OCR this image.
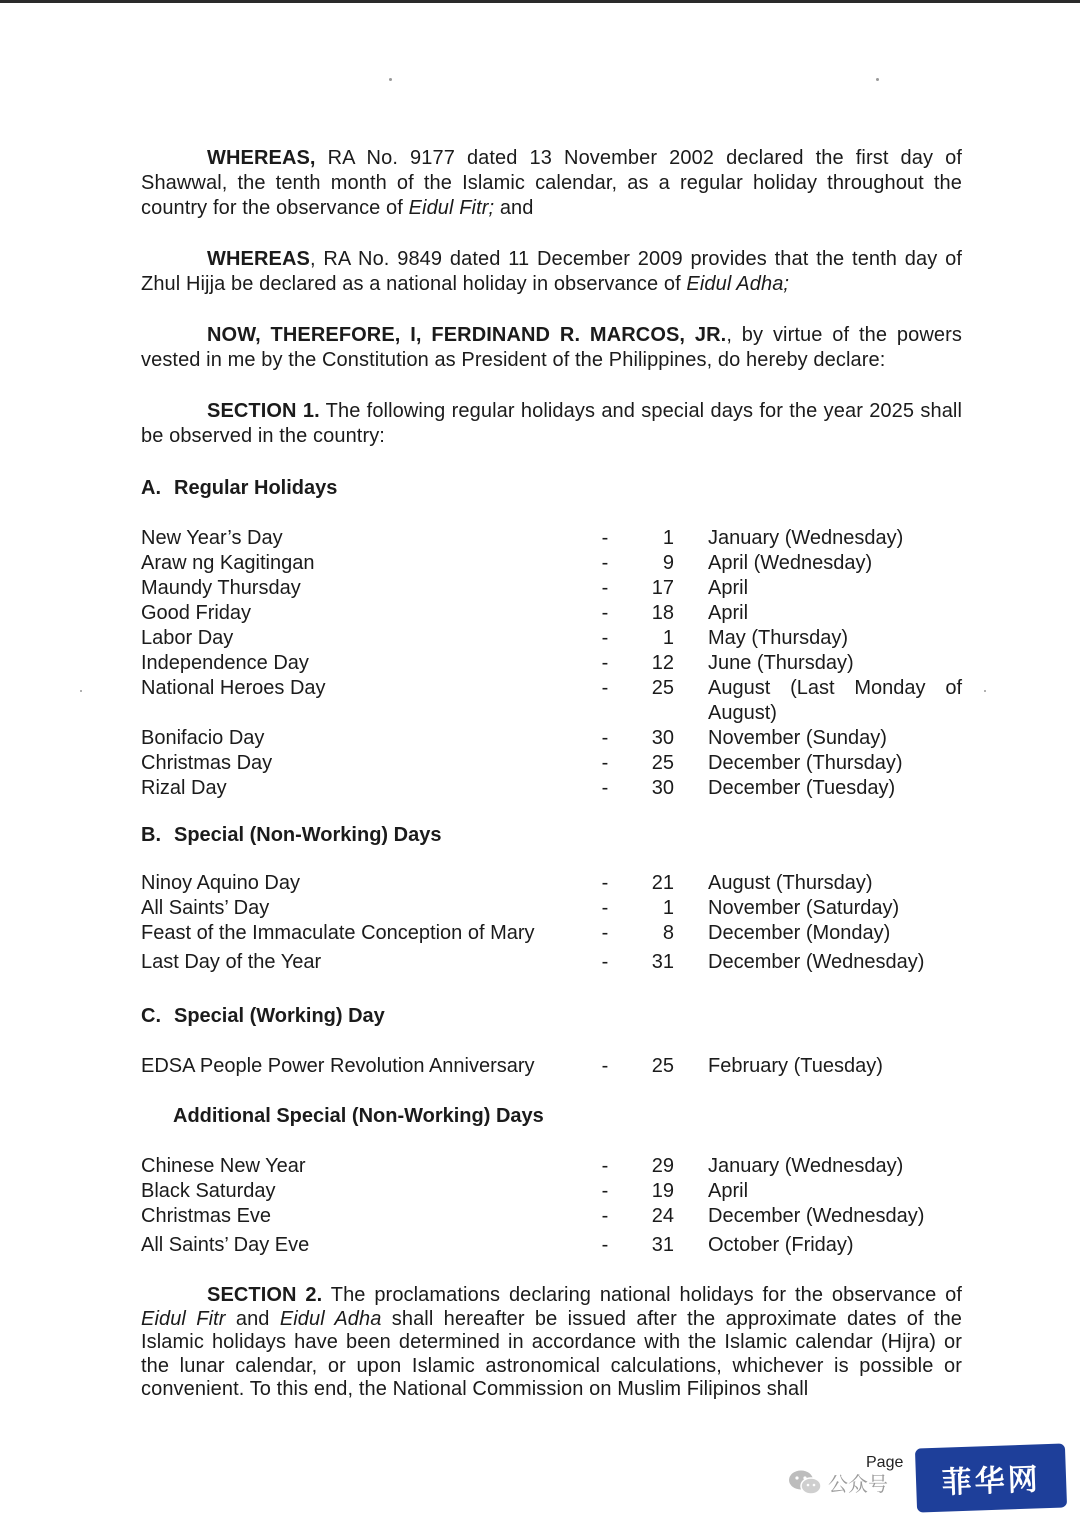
WHEREAS, RA No. 9177 dated 13 November 2002 declared the first day of Shawwal, the tenth month of the Islamic calendar, as a regular holiday throughout the country for the observance of Eidul Fitr; and

WHEREAS, RA No. 9849 dated 11 December 2009 provides that the tenth day of Zhul Hijja be declared as a national holiday in observance of Eidul Adha;

NOW, THEREFORE, I, FERDINAND R. MARCOS, JR., by virtue of the powers vested in me by the Constitution as President of the Philippines, do hereby declare:

SECTION 1. The following regular holidays and special days for the year 2025 shall be observed in the country:

A. Regular Holidays

New Year’s Day	-	1	January (Wednesday)
Araw ng Kagitingan	-	9	April (Wednesday)
Maundy Thursday	-	17	April
Good Friday	-	18	April
Labor Day	-	1	May (Thursday)
Independence Day	-	12	June (Thursday)
National Heroes Day	-	25	August (Last Monday of August)
Bonifacio Day	-	30	November (Sunday)
Christmas Day	-	25	December (Thursday)
Rizal Day	-	30	December (Tuesday)

B. Special (Non-Working) Days

Ninoy Aquino Day	-	21	August (Thursday)
All Saints’ Day	-	1	November (Saturday)
Feast of the Immaculate Conception of Mary	-	8	December (Monday)
Last Day of the Year	-	31	December (Wednesday)

C. Special (Working) Day

EDSA People Power Revolution Anniversary	-	25	February (Tuesday)

Additional Special (Non-Working) Days

Chinese New Year	-	29	January (Wednesday)
Black Saturday	-	19	April
Christmas Eve	-	24	December (Wednesday)
All Saints’ Day Eve	-	31	October (Friday)

SECTION 2. The proclamations declaring national holidays for the observance of Eidul Fitr and Eidul Adha shall hereafter be issued after the approximate dates of the Islamic holidays have been determined in accordance with the Islamic calendar (Hijra) or the lunar calendar, or upon Islamic astronomical calculations, whichever is possible or convenient. To this end, the National Commission on Muslim Filipinos shall

Page
公众号	菲华网
